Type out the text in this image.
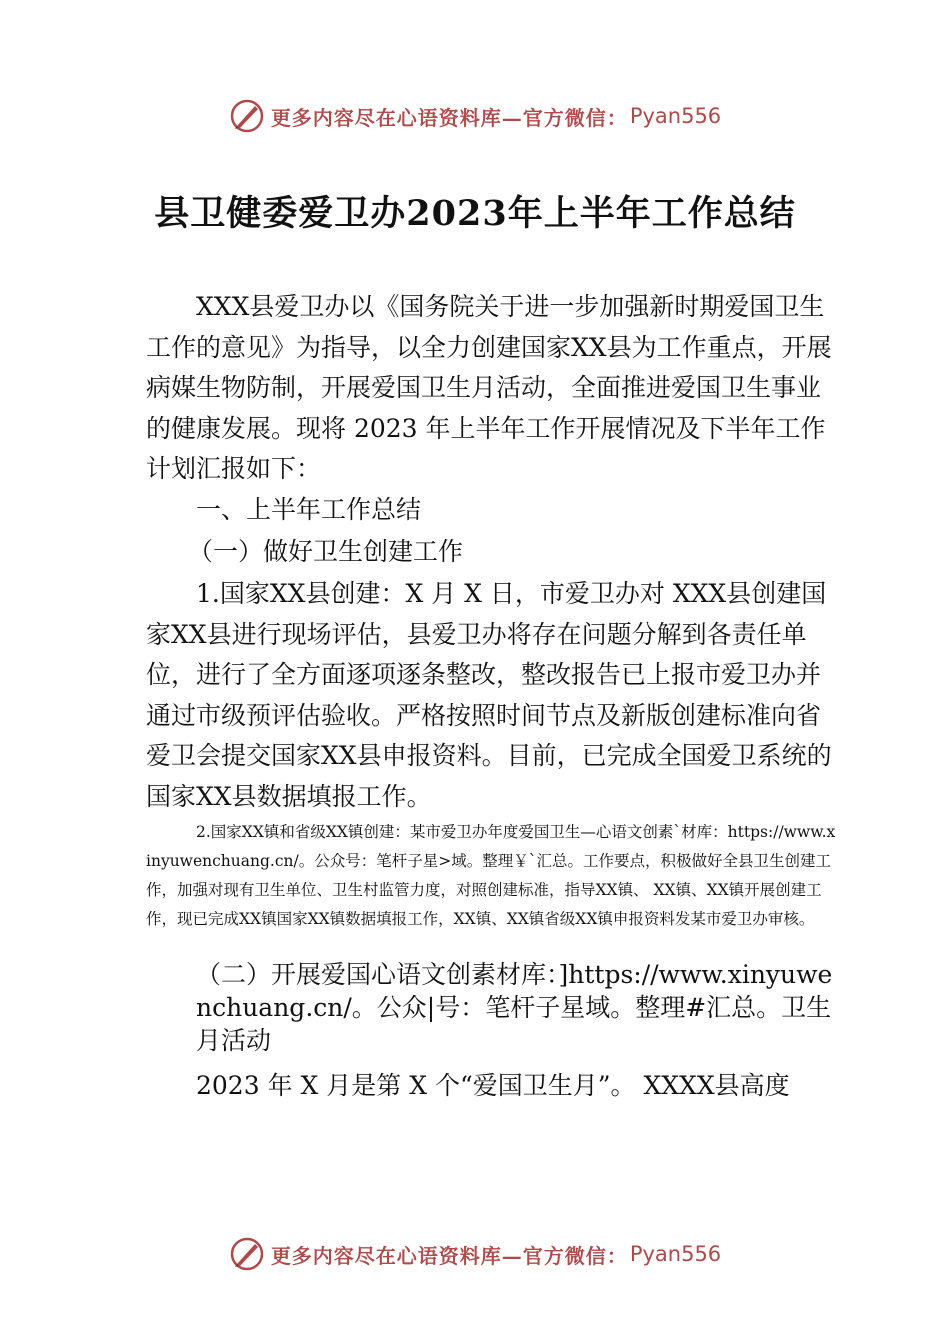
更多内容尽在心语资料库—官方微信： Pyan556
县卫健委爱卫办2023年上半年工作总结

XXX县爱卫办以《国务院关于进一步加强新时期爱国卫生工作的意见》为指导，以全力创建国家XX县为工作重点，开展病媒生物防制，开展爱国卫生月活动，全面推进爱国卫生事业的健康发展。现将 2023 年上半年工作开展情况及下半年工作计划汇报如下：

一、上半年工作总结

（一）做好卫生创建工作

1.国家XX县创建：X 月 X 日，市爱卫办对 XXX县创建国家XX县进行现场评估，县爱卫办将存在问题分解到各责任单位，进行了全方面逐项逐条整改，整改报告已上报市爱卫办并通过市级预评估验收。严格按照时间节点及新版创建标准向省爱卫会提交国家XX县申报资料。目前，已完成全国爱卫系统的国家XX县数据填报工作。

2.国家XX镇和省级XX镇创建：某市爱卫办年度爱国卫生—心语文创素`材库：https://www.xinyuwenchuang.cn/。公众号：笔杆子星>域。整理￥`汇总。工作要点，积极做好全县卫生创建工作，加强对现有卫生单位、卫生村监管力度，对照创建标准，指导XX镇、 XX镇、XX镇开展创建工作，现已完成XX镇国家XX镇数据填报工作，XX镇、XX镇省级XX镇申报资料发某市爱卫办审核。

（二）开展爱国心语文创素材库：]https://www.xinyuwenchuang.cn/。公众|号：笔杆子星域。整理#汇总。卫生月活动

2023 年 X 月是第 X 个“爱国卫生月”。 XXXX县高度

更多内容尽在心语资料库—官方微信： Pyan556
